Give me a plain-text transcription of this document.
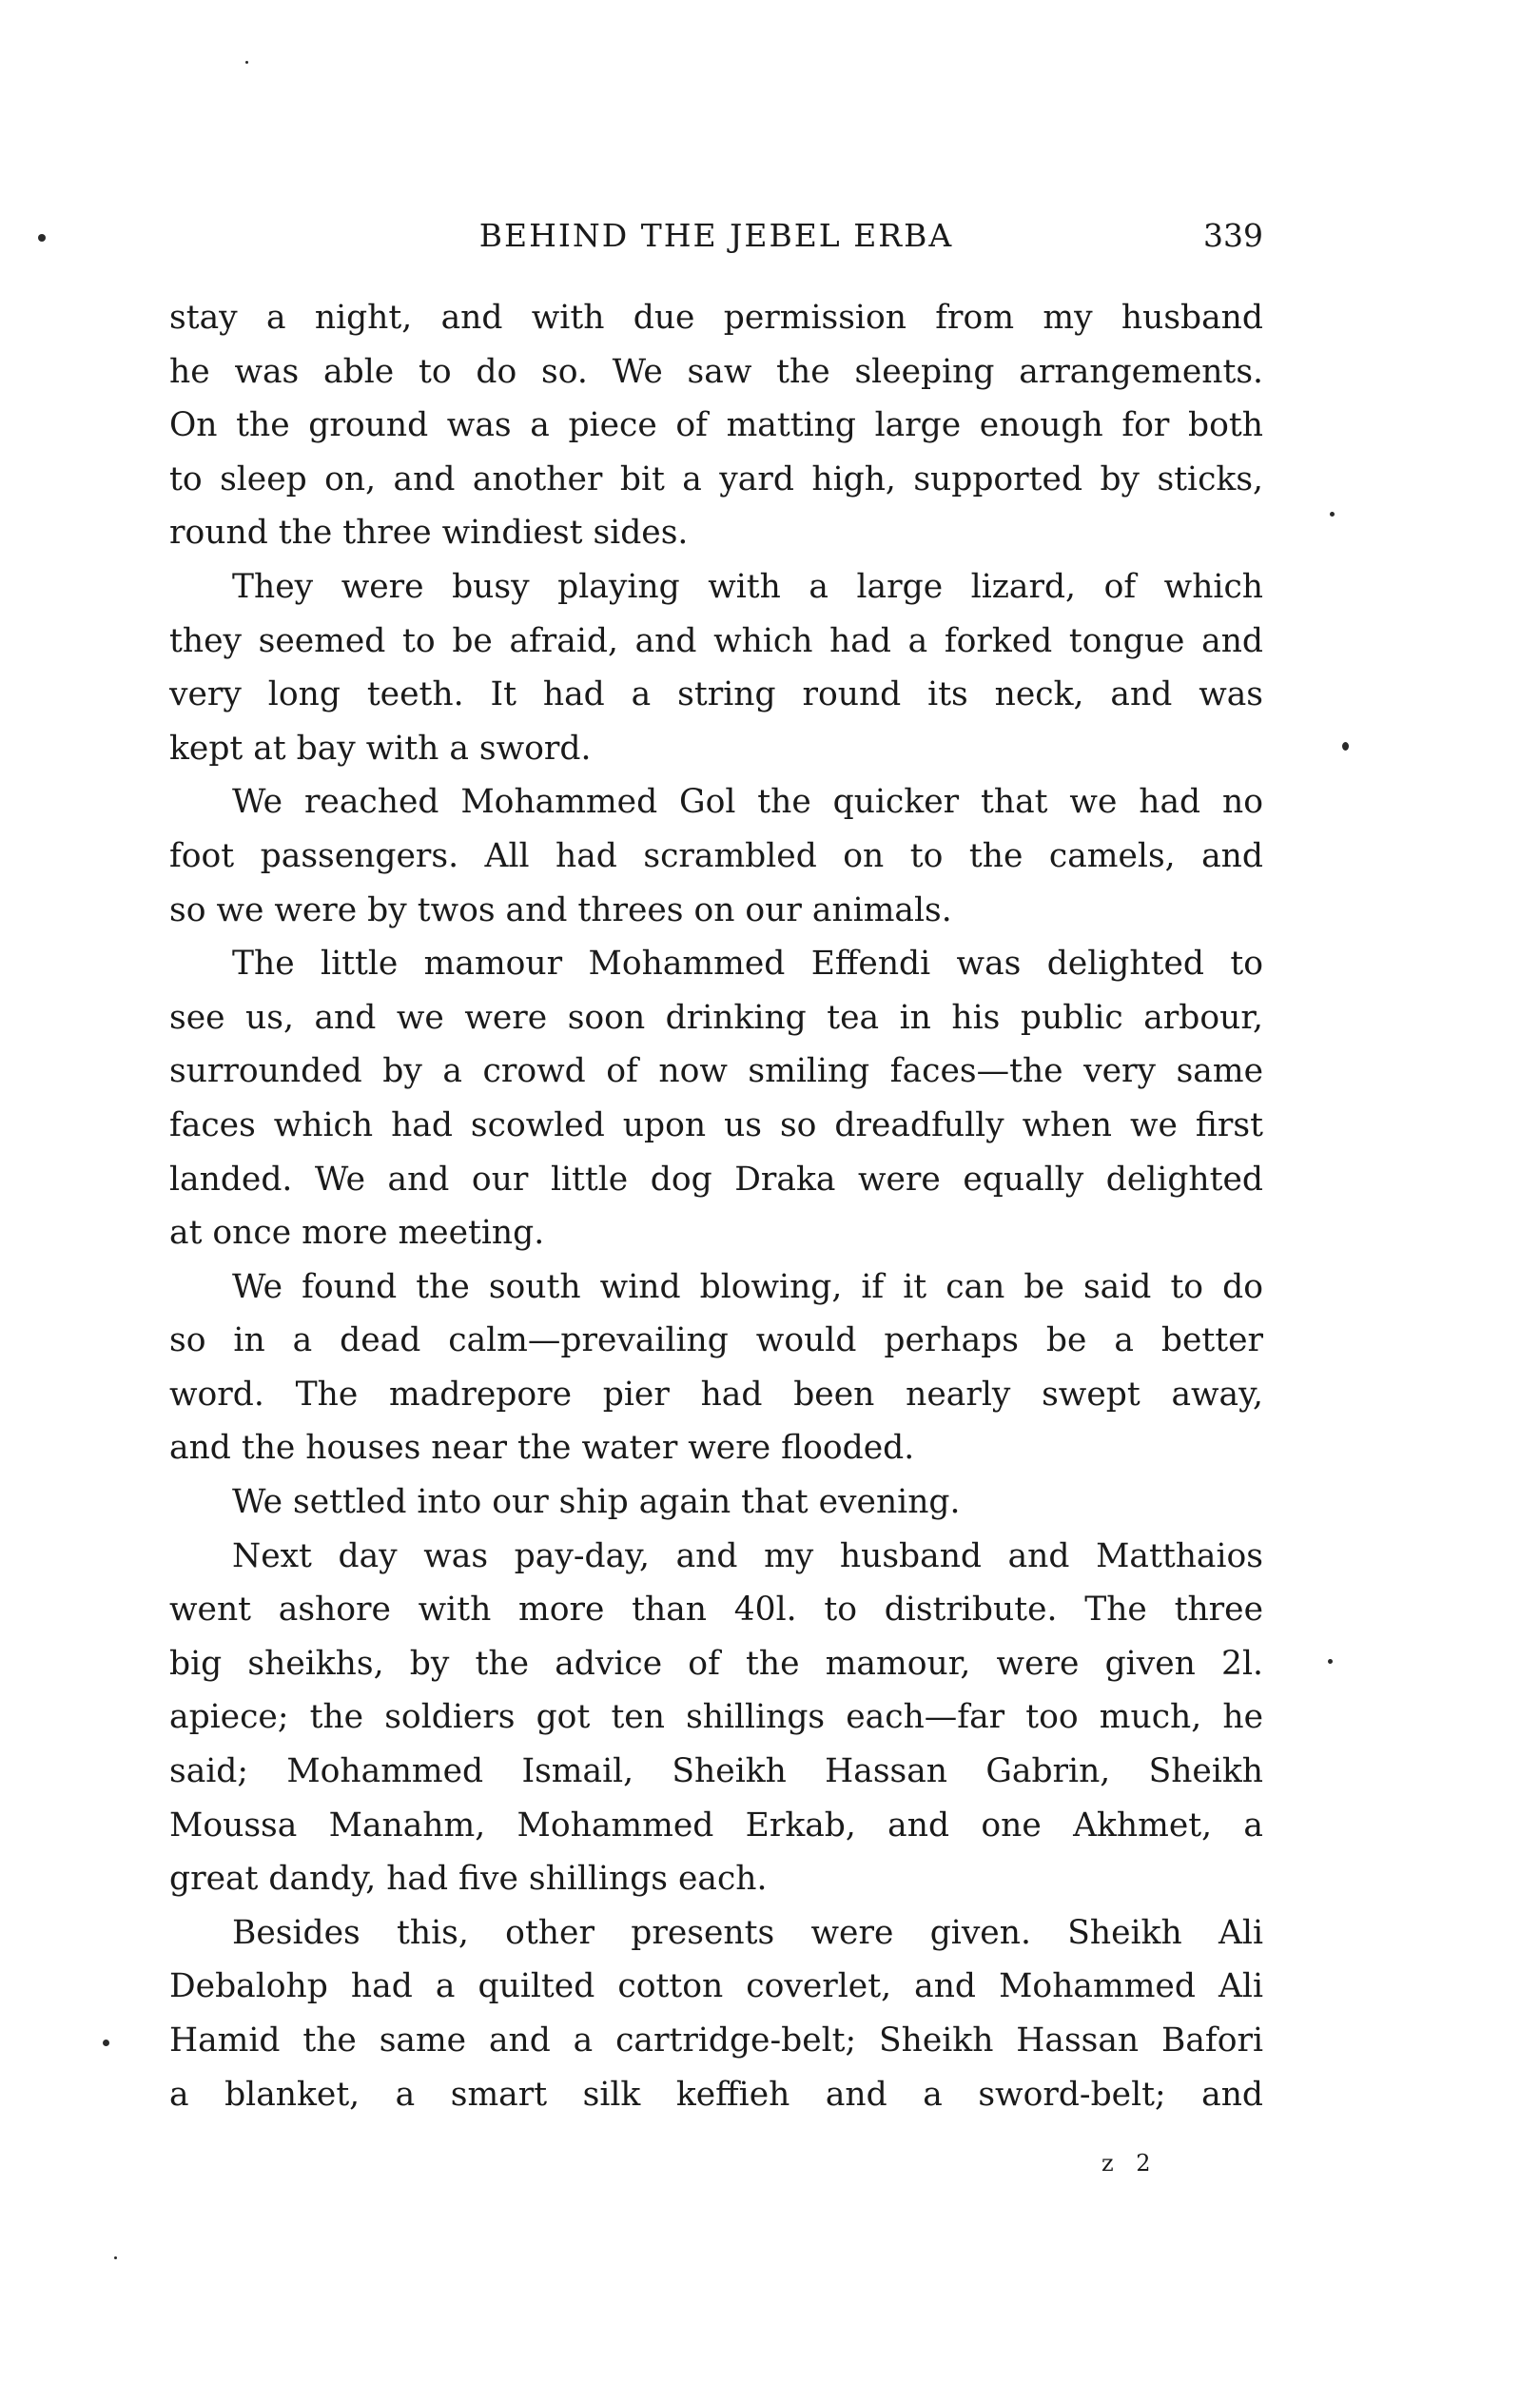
BEHIND THE JEBEL ERBA	339
stay a night, and with due permission from my husband
he was able to do so. We saw the sleeping arrangements.
On the ground was a piece of matting large enough for both
to sleep on, and another bit a yard high, supported by sticks,
round the three windiest sides.
They were busy playing with a large lizard, of which
they seemed to be afraid, and which had a forked tongue and
very long teeth. It had a string round its neck, and was
kept at bay with a sword.
We reached Mohammed Gol the quicker that we had no
foot passengers. All had scrambled on to the camels, and
so we were by twos and threes on our animals.
The little mamour Mohammed Effendi was delighted to
see us, and we were soon drinking tea in his public arbour,
surrounded by a crowd of now smiling faces—the very same
faces which had scowled upon us so dreadfully when we first
landed. We and our little dog Draka were equally delighted
at once more meeting.
We found the south wind blowing, if it can be said to do
so in a dead calm—prevailing would perhaps be a better
word. The madrepore pier had been nearly swept away,
and the houses near the water were flooded.
We settled into our ship again that evening.
Next day was pay-day, and my husband and Matthaios
went ashore with more than 40l. to distribute. The three
big sheikhs, by the advice of the mamour, were given 2l.
apiece; the soldiers got ten shillings each—far too much, he
said; Mohammed Ismail, Sheikh Hassan Gabrin, Sheikh
Moussa Manahm, Mohammed Erkab, and one Akhmet, a
great dandy, had five shillings each.
Besides this, other presents were given. Sheikh Ali
Debalohp had a quilted cotton coverlet, and Mohammed Ali
Hamid the same and a cartridge-belt; Sheikh Hassan Bafori
a blanket, a smart silk keffieh and a sword-belt; and
z 2
